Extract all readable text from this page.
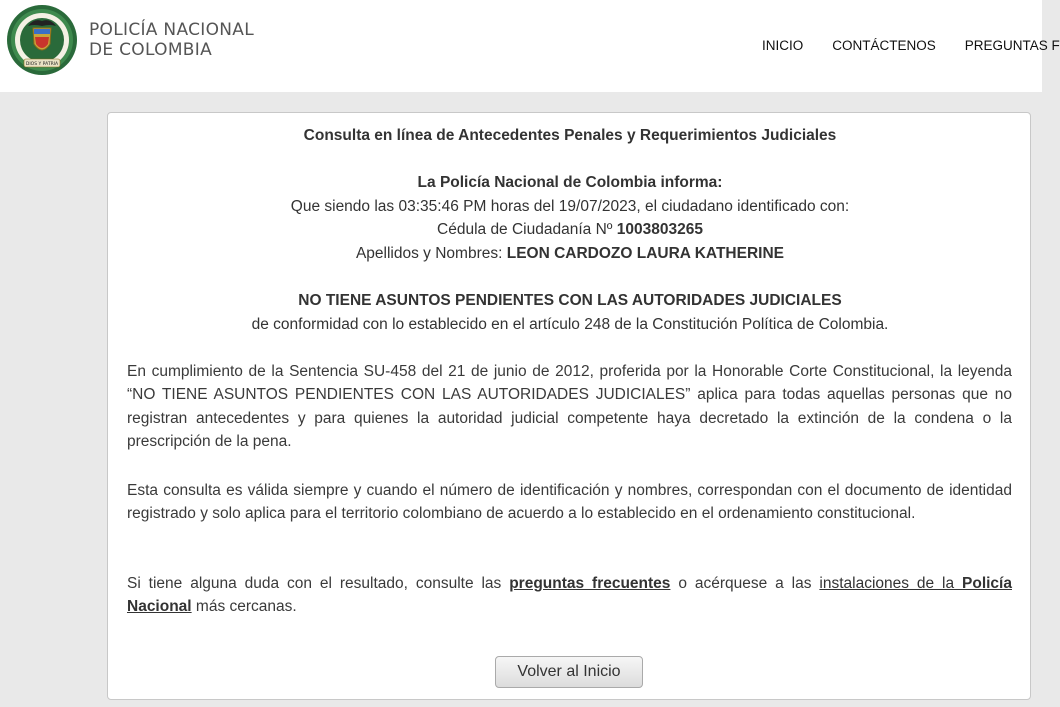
DIOS Y PATRIA
POLICÍA NACIONAL
DE COLOMBIA	INICIO CONTÁCTENOS PREGUNTAS F
Consulta en línea de Antecedentes Penales y Requerimientos Judiciales
La Policía Nacional de Colombia informa:
Que siendo las 03:35:46 PM horas del 19/07/2023, el ciudadano identificado con:
Cédula de Ciudadanía Nº 1003803265
Apellidos y Nombres: LEON CARDOZO LAURA KATHERINE
NO TIENE ASUNTOS PENDIENTES CON LAS AUTORIDADES JUDICIALES
de conformidad con lo establecido en el artículo 248 de la Constitución Política de Colombia.
En cumplimiento de la Sentencia SU-458 del 21 de junio de 2012, proferida por la Honorable Corte Constitucional, la leyenda “NO TIENE ASUNTOS PENDIENTES CON LAS AUTORIDADES JUDICIALES” aplica para todas aquellas personas que no registran antecedentes y para quienes la autoridad judicial competente haya decretado la extinción de la condena o la prescripción de la pena.
Esta consulta es válida siempre y cuando el número de identificación y nombres, correspondan con el documento de identidad registrado y solo aplica para el territorio colombiano de acuerdo a lo establecido en el ordenamiento constitucional.
Si tiene alguna duda con el resultado, consulte las preguntas frecuentes o acérquese a las instalaciones de la Policía Nacional más cercanas.
Volver al Inicio
